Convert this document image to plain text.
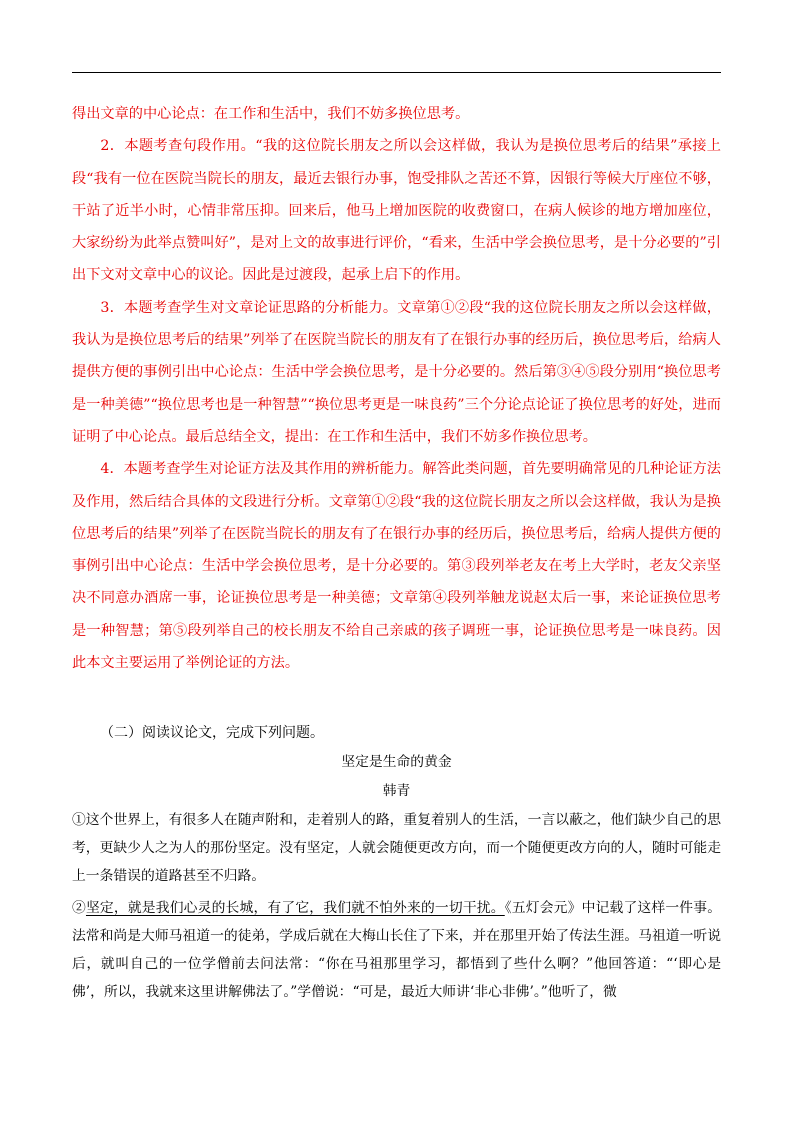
得出文章的中心论点：在工作和生活中，我们不妨多换位思考。

2．本题考查句段作用。“我的这位院长朋友之所以会这样做，我认为是换位思考后的结果”承接上段“我有一位在医院当院长的朋友，最近去银行办事，饱受排队之苦还不算，因银行等候大厅座位不够，干站了近半小时，心情非常压抑。回来后，他马上增加医院的收费窗口，在病人候诊的地方增加座位，大家纷纷为此举点赞叫好”，是对上文的故事进行评价，“看来，生活中学会换位思考，是十分必要的”引出下文对文章中心的议论。因此是过渡段，起承上启下的作用。

3．本题考查学生对文章论证思路的分析能力。文章第①②段“我的这位院长朋友之所以会这样做，我认为是换位思考后的结果”列举了在医院当院长的朋友有了在银行办事的经历后，换位思考后，给病人提供方便的事例引出中心论点：生活中学会换位思考，是十分必要的。然后第③④⑤段分别用“换位思考是一种美德”“换位思考也是一种智慧”“换位思考更是一味良药”三个分论点论证了换位思考的好处，进而证明了中心论点。最后总结全文，提出：在工作和生活中，我们不妨多作换位思考。

4．本题考查学生对论证方法及其作用的辨析能力。解答此类问题，首先要明确常见的几种论证方法及作用，然后结合具体的文段进行分析。文章第①②段“我的这位院长朋友之所以会这样做，我认为是换位思考后的结果”列举了在医院当院长的朋友有了在银行办事的经历后，换位思考后，给病人提供方便的事例引出中心论点：生活中学会换位思考，是十分必要的。第③段列举老友在考上大学时，老友父亲坚决不同意办酒席一事，论证换位思考是一种美德；文章第④段列举触龙说赵太后一事，来论证换位思考是一种智慧；第⑤段列举自己的校长朋友不给自己亲戚的孩子调班一事，论证换位思考是一味良药。因此本文主要运用了举例论证的方法。

（二）阅读议论文，完成下列问题。

坚定是生命的黄金

韩青

①这个世界上，有很多人在随声附和，走着别人的路，重复着别人的生活，一言以蔽之，他们缺少自己的思考，更缺少人之为人的那份坚定。没有坚定，人就会随便更改方向，而一个随便更改方向的人，随时可能走上一条错误的道路甚至不归路。

②坚定，就是我们心灵的长城，有了它，我们就不怕外来的一切干扰。《五灯会元》中记载了这样一件事。法常和尚是大师马祖道一的徒弟，学成后就在大梅山长住了下来，并在那里开始了传法生涯。马祖道一听说后，就叫自己的一位学僧前去问法常：“你在马祖那里学习，都悟到了些什么啊？”他回答道：“‘即心是佛’，所以，我就来这里讲解佛法了。”学僧说：“可是，最近大师讲‘非心非佛’。”他听了，微
